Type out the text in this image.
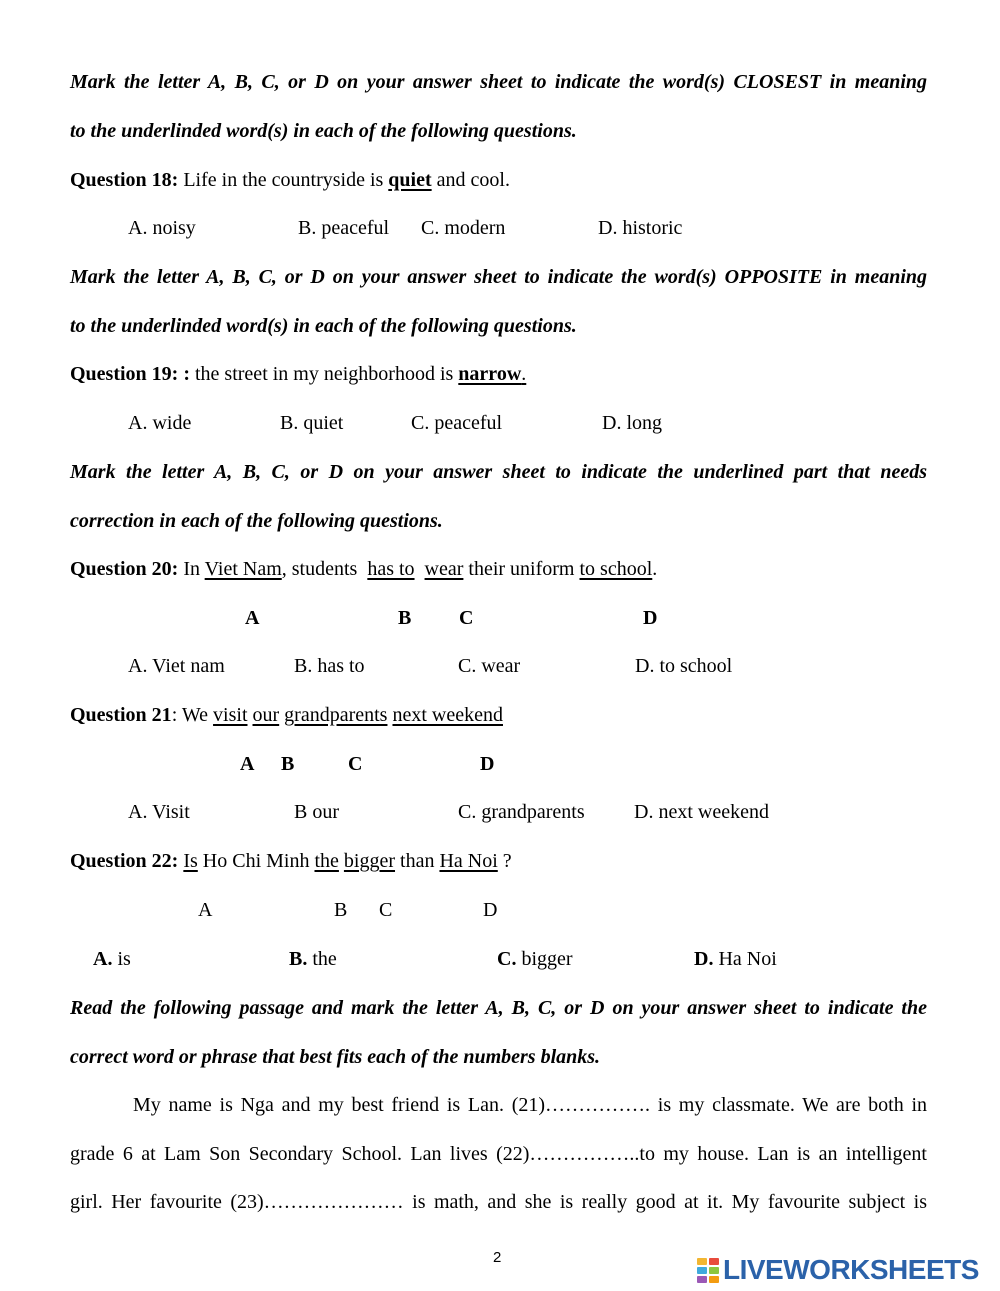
Mark the letter A, B, C, or D on your answer sheet to indicate the word(s) CLOSEST in meaning
to the underlinded word(s) in each of the following questions.
Question 18: Life in the countryside is quiet and cool.
A. noisy	B. peaceful C. modern	D. historic
Mark the letter A, B, C, or D on your answer sheet to indicate the word(s) OPPOSITE in meaning
to the underlinded word(s) in each of the following questions.
Question 19: : the street in my neighborhood is narrow.
A. wide	B. quiet	C. peaceful	D. long
Mark the letter A, B, C, or D on your answer sheet to indicate the underlined part that needs
correction in each of the following questions.
Question 20: In Viet Nam, students  has to wear their uniform to school.
A	B C	D
A. Viet nam	B. has to	C. wear	D. to school
Question 21: We visit our grandparents next weekend
A B	C	D
A. Visit	B our	C. grandparents D. next weekend
Question 22: Is Ho Chi Minh the bigger than Ha Noi ?
A	B C	D
A. is	B. the	C. bigger	D. Ha Noi
Read the following passage and mark the letter A, B, C, or D on your answer sheet to indicate the
correct word or phrase that best fits each of the numbers blanks.
My name is Nga and my best friend is Lan. (21)……………. is my classmate. We are both in
grade 6 at Lam Son Secondary School. Lan lives (22)……………..to my house. Lan is an intelligent
girl. Her favourite (23)………………… is math, and she is really good at it. My favourite subject is
2	LIVEWORKSHEETS
